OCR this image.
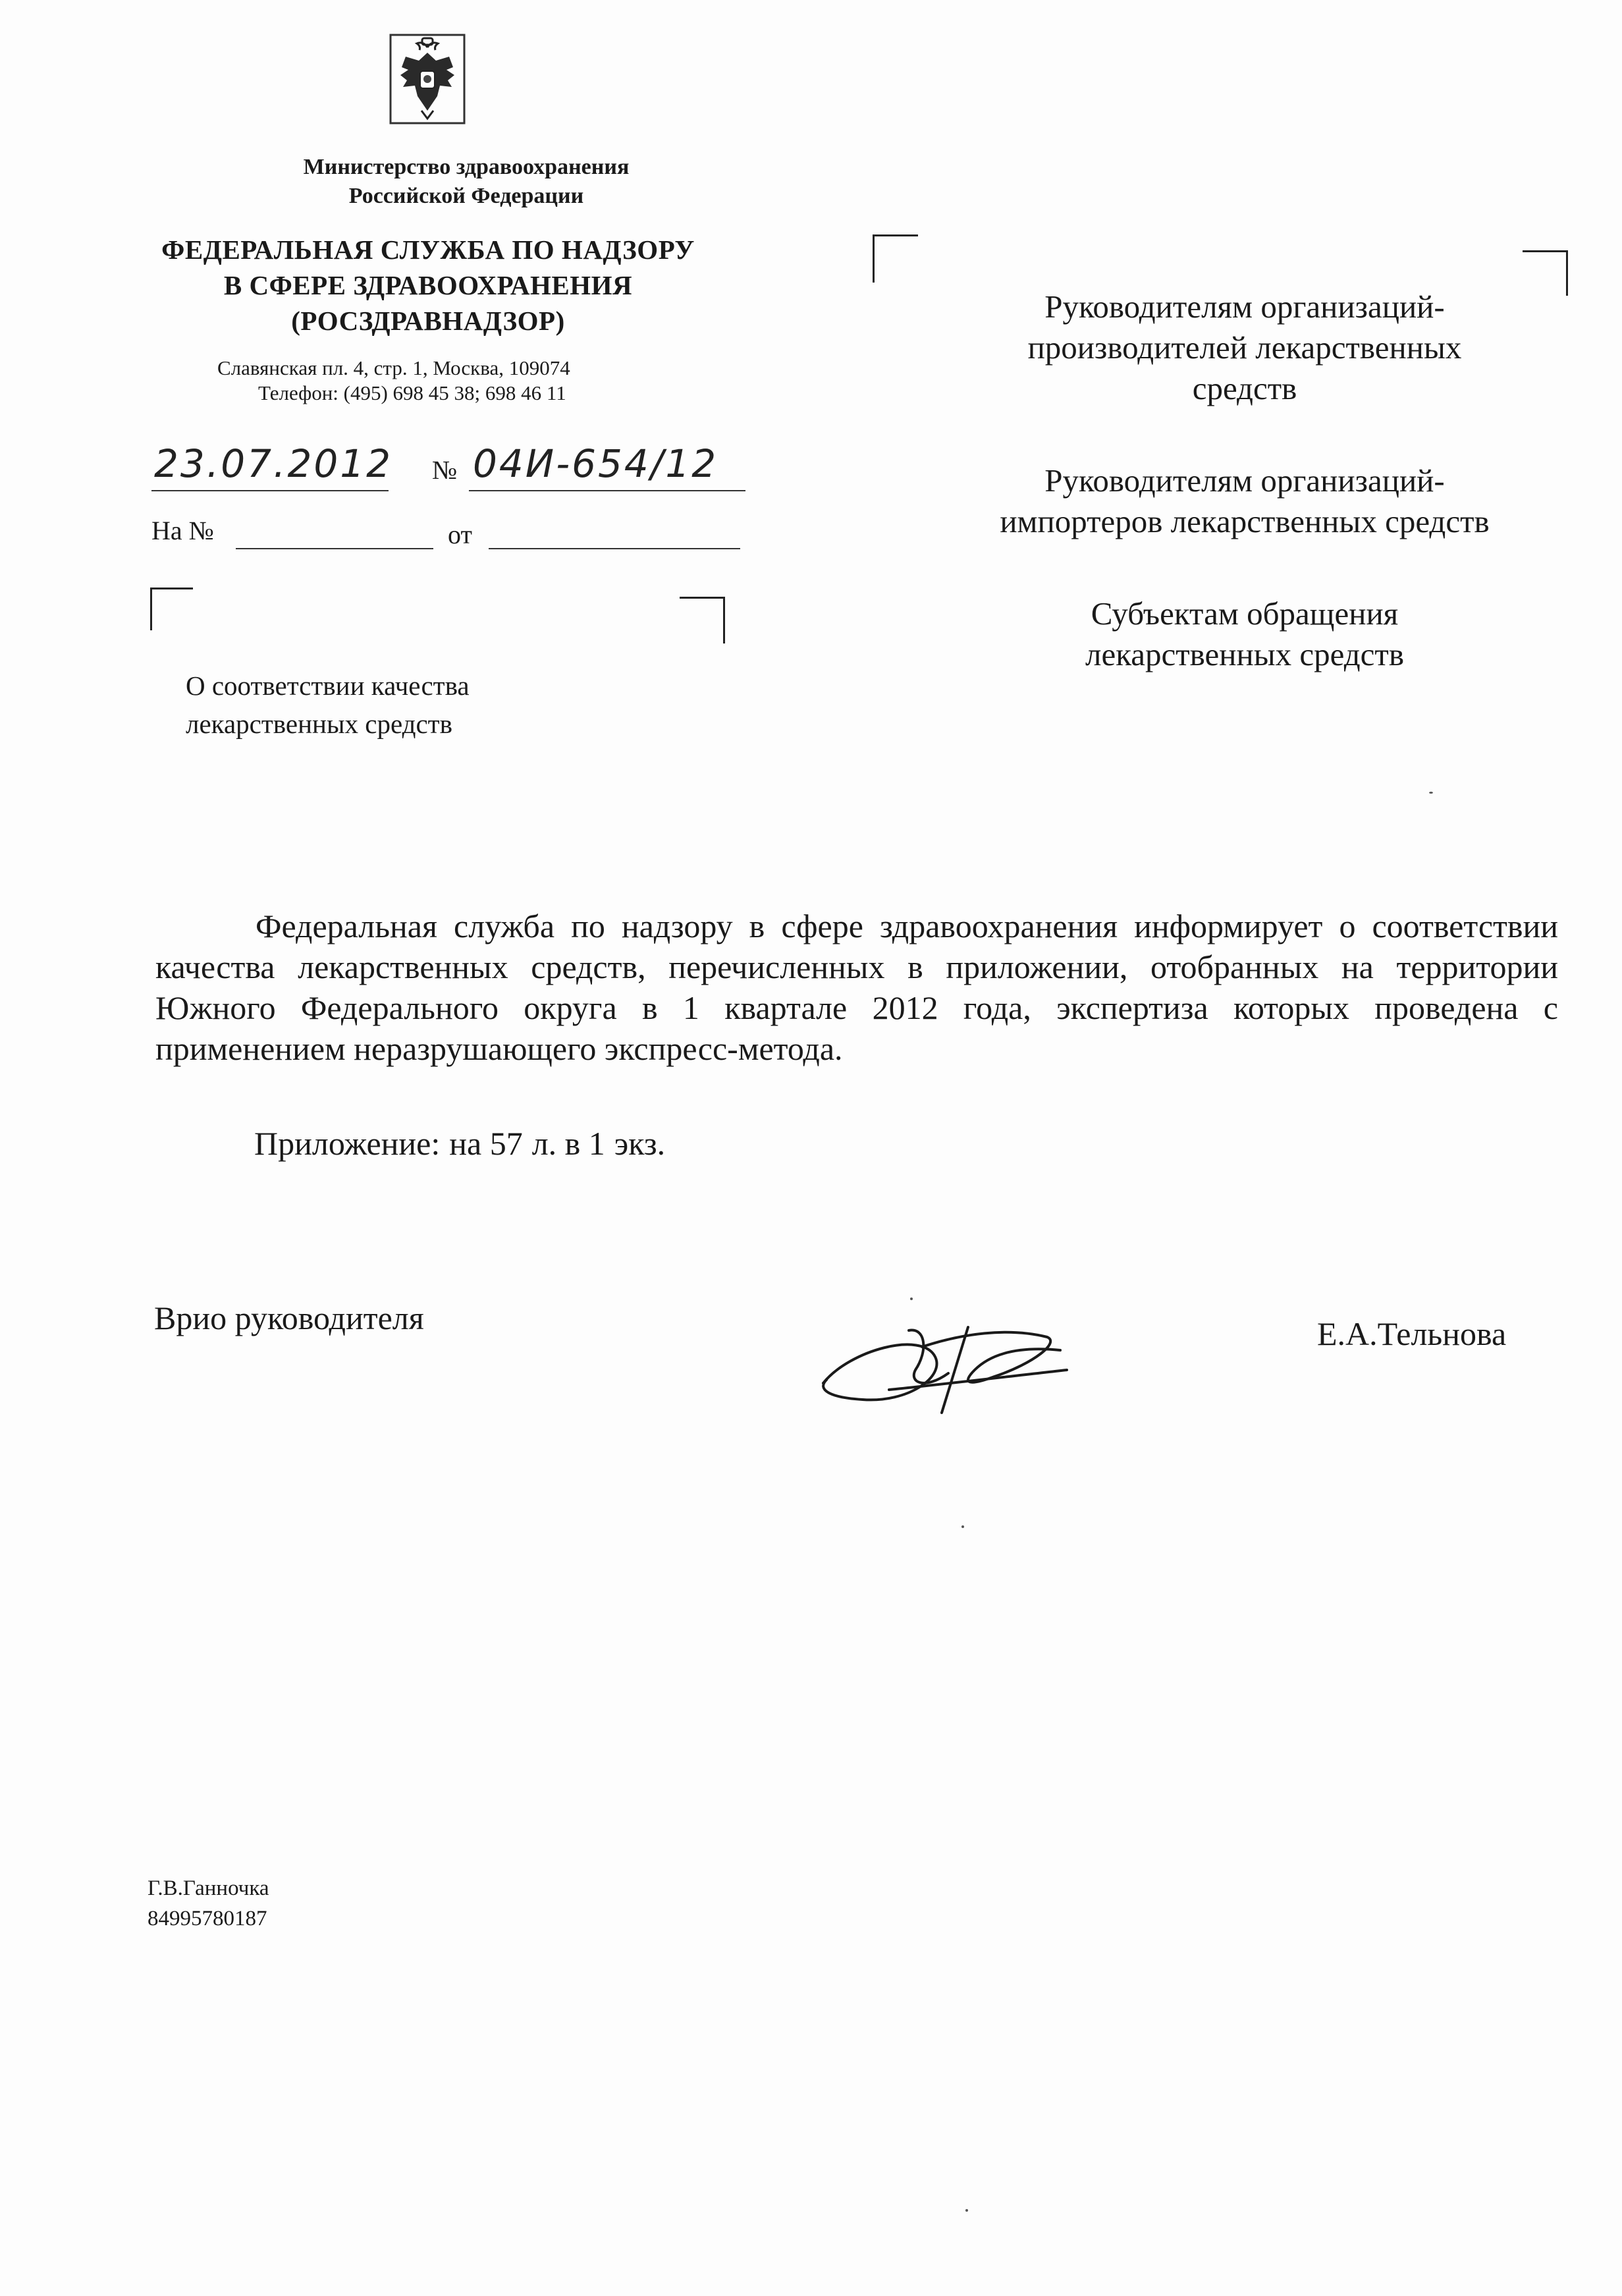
Министерство здравоохранения
Российской Федерации
ФЕДЕРАЛЬНАЯ СЛУЖБА ПО НАДЗОРУ
В СФЕРЕ ЗДРАВООХРАНЕНИЯ
(РОСЗДРАВНАДЗОР)
Славянская пл. 4, стр. 1, Москва, 109074
Телефон: (495) 698 45 38; 698 46 11
23.07.2012 № 04И-654/12
На №	от
О соответствии качества
лекарственных средств
Руководителям организаций-
производителей лекарственных
средств
Руководителям организаций-
импортеров лекарственных средств
Субъектам обращения
лекарственных средств

Федеральная служба по надзору в сфере здравоохранения информирует о соответствии качества лекарственных средств, перечисленных в приложении, отобранных на территории Южного Федерального округа в 1 квартале 2012 года, экспертиза которых проведена с применением неразрушающего экспресс-метода.

Приложение: на 57 л. в 1 экз.
Врио руководителя	Е.А.Тельнова
Г.В.Ганночка
84995780187
